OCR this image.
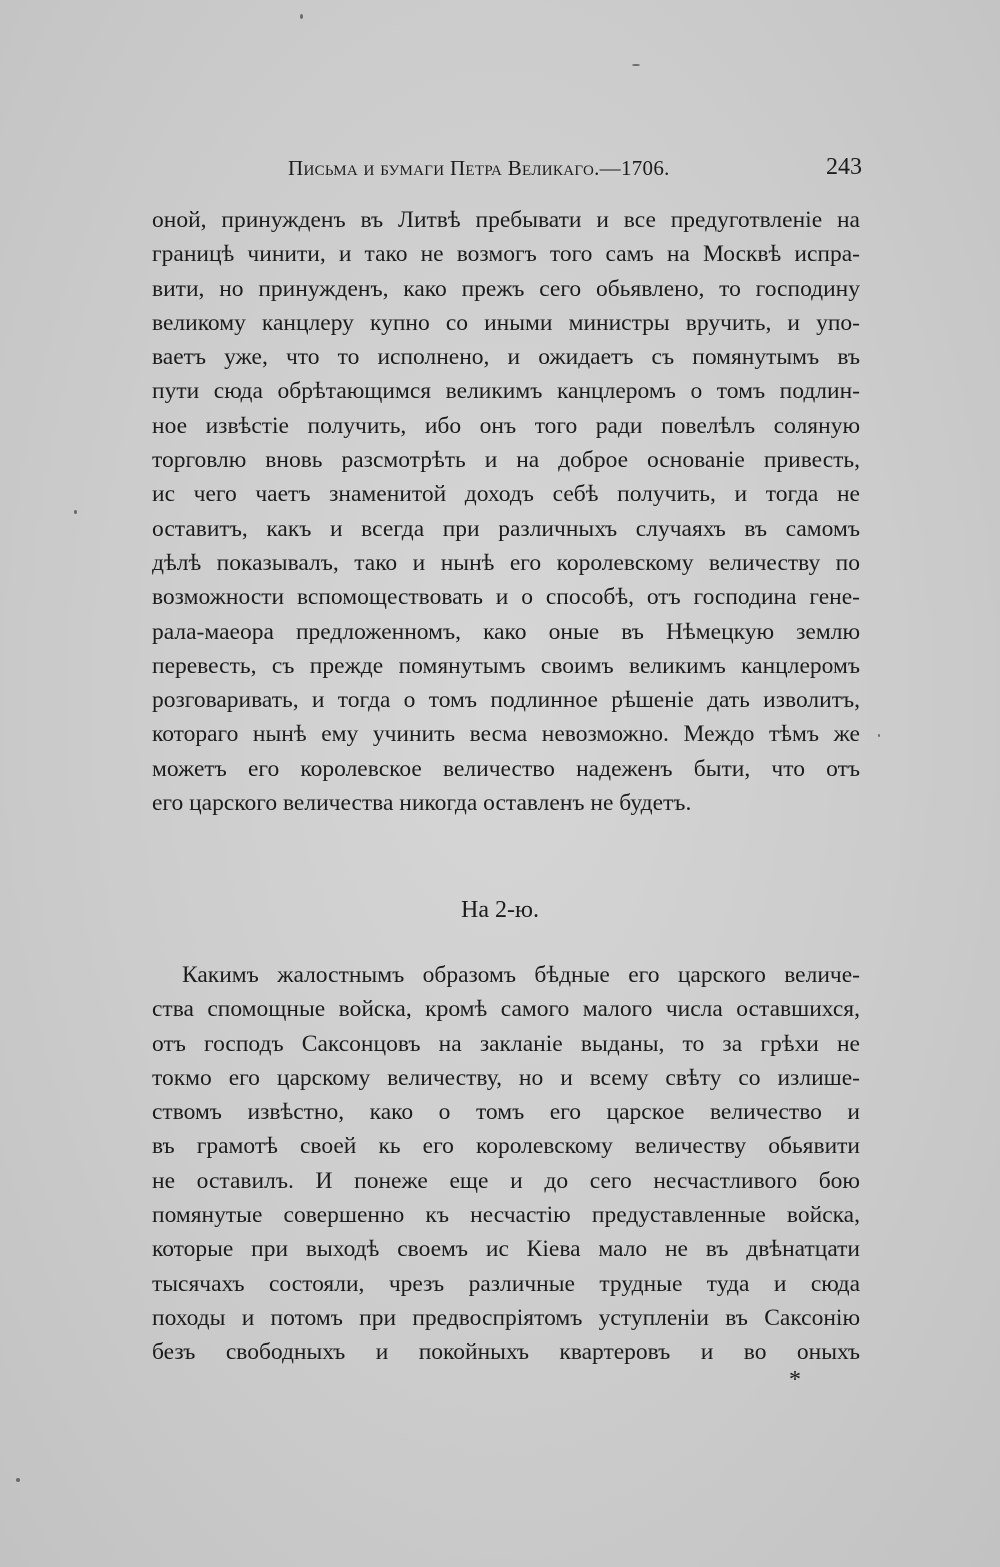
Письма и бумаги Петра Великаго.—1706.	243
оной, принужденъ въ Литвѣ пребывати и все предуготвленiе на
границѣ чинити, и тако не возмогъ того самъ на Москвѣ испра-
вити, но принужденъ, како прежъ сего обьявлено, то господину
великому канцлеру купно со иными министры вручить, и упо-
ваетъ уже, что то исполнено, и ожидаетъ съ помянутымъ въ
пути сюда обрѣтающимся великимъ канцлеромъ о томъ подлин-
ное извѣстiе получить, ибо онъ того ради повелѣлъ соляную
торговлю вновь разсмотрѣть и на доброе основанiе привесть,
ис чего чаетъ знаменитой доходъ себѣ получить, и тогда не
оставитъ, какъ и всегда при различныхъ случаяхъ въ самомъ
дѣлѣ показывалъ, тако и нынѣ его королевскому величеству по
возможности вспомоществовать и о способѣ, отъ господина гене-
рала-маеора предложенномъ, како оные въ Нѣмецкую землю
перевесть, съ прежде помянутымъ своимъ великимъ канцлеромъ
розговаривать, и тогда о томъ подлинное рѣшенiе дать изволитъ,
котораго нынѣ ему учинить весма невозможно. Междо тѣмъ же
можетъ его королевское величество надеженъ быти, что отъ
его царского величества никогда оставленъ не будетъ.
На 2-ю.
Какимъ жалостнымъ образомъ бѣдные его царского величе-
ства спомощные войска, кромѣ самого малого числа оставшихся,
отъ господъ Саксонцовъ на закланiе выданы, то за грѣхи не
токмо его царскому величеству, но и всему свѣту со излише-
ствомъ извѣстно, како о томъ его царское величество и
въ грамотѣ своей кь его королевскому величеству обьявити
не оставилъ. И понеже еще и до сего несчастливого бою
помянутые совершенно къ несчастiю предуставленные войска,
которые при выходѣ своемъ ис Кiева мало не въ двѣнатцати
тысячахъ состояли, чрезъ различные трудные туда и сюда
походы и потомъ при предвоспрiятомъ уступленiи въ Саксонiю
безъ свободныхъ и покойныхъ квартеровъ и во оныхъ
*
